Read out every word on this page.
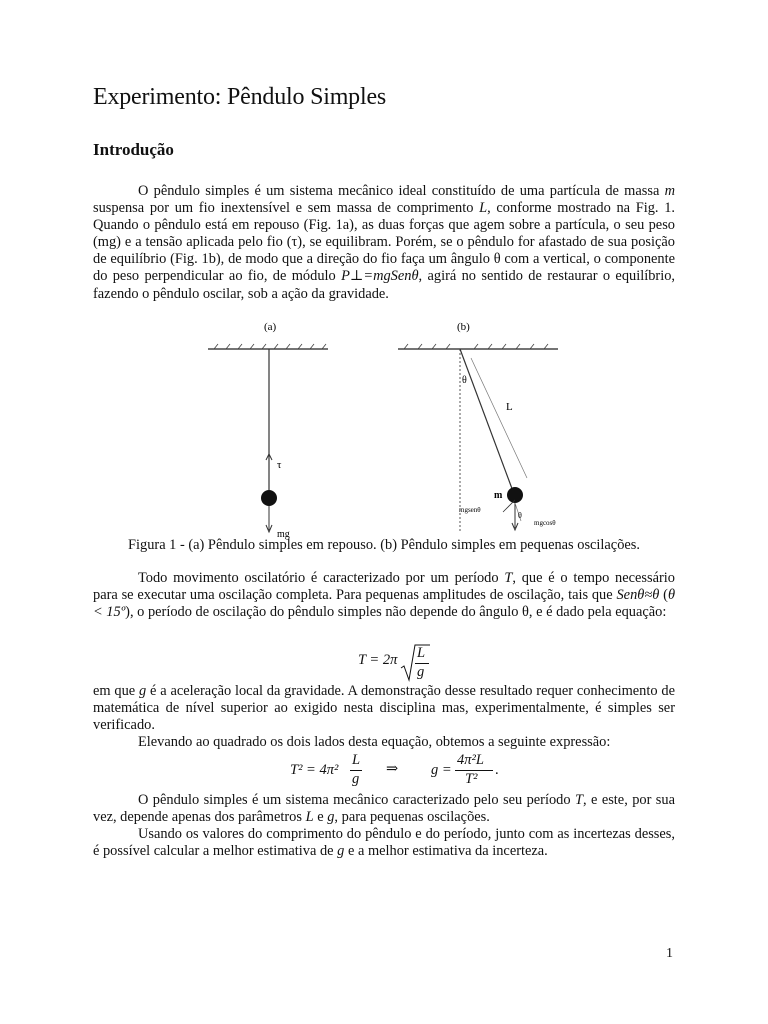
Experimento: Pêndulo Simples
Introdução

O pêndulo simples é um sistema mecânico ideal constituído de uma partícula de massa m suspensa por um fio inextensível e sem massa de comprimento L, conforme mostrado na Fig. 1. Quando o pêndulo está em repouso (Fig. 1a), as duas forças que agem sobre a partícula, o seu peso (mg) e a tensão aplicada pelo fio (τ), se equilibram. Porém, se o pêndulo for afastado de sua posição de equilíbrio (Fig. 1b), de modo que a direção do fio faça um ângulo θ com a vertical, o componente do peso perpendicular ao fio, de módulo P⊥=mgSenθ, agirá no sentido de restaurar o equilíbrio, fazendo o pêndulo oscilar, sob a ação da gravidade.

(a)
τ
mg
(b)
θ
L
m
mgsenθ
θ
mgcosθ

Figura 1 - (a) Pêndulo simples em repouso. (b) Pêndulo simples em pequenas oscilações.

Todo movimento oscilatório é caracterizado por um período T, que é o tempo necessário para se executar uma oscilação completa. Para pequenas amplitudes de oscilação, tais que Senθ≈θ (θ < 15º), o período de oscilação do pêndulo simples não depende do ângulo θ, e é dado pela equação:

T = 2π L
g

em que g é a aceleração local da gravidade. A demonstração desse resultado requer conhecimento de matemática de nível superior ao exigido nesta disciplina mas, experimentalmente, é simples ser verificado.

Elevando ao quadrado os dois lados desta equação, obtemos a seguinte expressão:

T² = 4π²
L
g
⇒ g =
4π²L
T²
.

O pêndulo simples é um sistema mecânico caracterizado pelo seu período T, e este, por sua vez, depende apenas dos parâmetros L e g, para pequenas oscilações.

Usando os valores do comprimento do pêndulo e do período, junto com as incertezas desses, é possível calcular a melhor estimativa de g e a melhor estimativa da incerteza.

1
